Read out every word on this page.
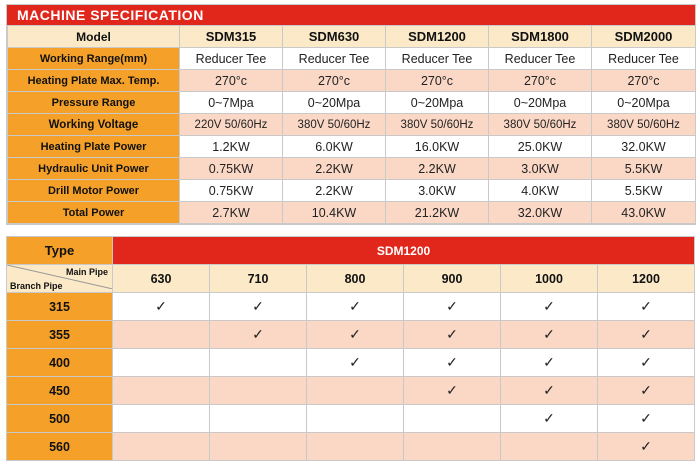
MACHINE SPECIFICATION
Model	SDM315	SDM630	SDM1200	SDM1800	SDM2000
Working Range(mm)	Reducer Tee	Reducer Tee	Reducer Tee	Reducer Tee	Reducer Tee
Heating Plate Max. Temp.	270°c	270°c	270°c	270°c	270°c
Pressure Range	0~7Mpa	0~20Mpa	0~20Mpa	0~20Mpa	0~20Mpa
Working Voltage	220V 50/60Hz	380V 50/60Hz	380V 50/60Hz	380V 50/60Hz	380V 50/60Hz
Heating Plate Power	1.2KW	6.0KW	16.0KW	25.0KW	32.0KW
Hydraulic Unit Power	0.75KW	2.2KW	2.2KW	3.0KW	5.5KW
Drill Motor Power	0.75KW	2.2KW	3.0KW	4.0KW	5.5KW
Total Power	2.7KW	10.4KW	21.2KW	32.0KW	43.0KW
Type	SDM1200					

Main Pipe
Branch Pipe	630	710	800	900	1000	1200
315	✓	✓	✓	✓	✓	✓
355		✓	✓	✓	✓	✓
400			✓	✓	✓	✓
450				✓	✓	✓
500					✓	✓
560						✓
